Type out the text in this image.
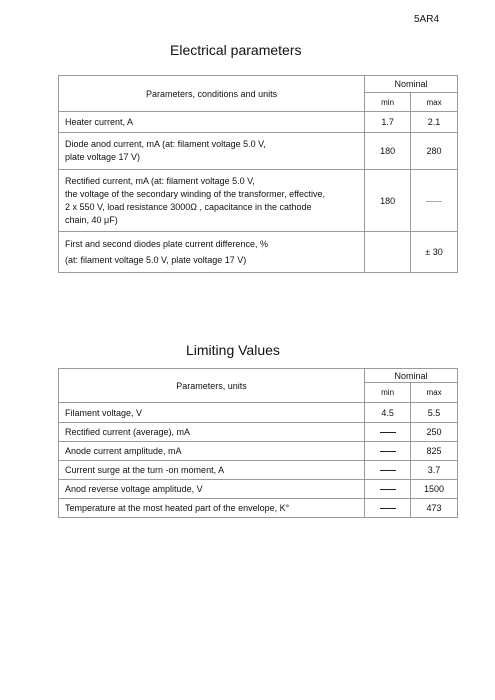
5AR4
Electrical parameters
Parameters, conditions and units	Nominal	
	min	max
Heater current, A	1.7	2.1
Diode anod current, mA (at: filament voltage 5.0 V,
plate voltage 17 V)	180	280
Rectified current, mA (at: filament voltage 5.0 V,
the voltage of the secondary winding of the transformer, effective,
2 x 550 V, load resistance 3000Ω , capacitance in the cathode
chain, 40 μF)	180	
First and second diodes plate current difference, %
(at: filament voltage 5.0 V, plate voltage 17 V)		± 30
Limiting Values
Parameters, units	Nominal	
	min	max
Filament voltage, V	4.5	5.5
Rectified current (average), mA		250
Anode current amplitude, mA		825
Current surge at the turn -on moment, A		3.7
Anod reverse voltage amplitude, V		1500
Temperature at the most heated part of the envelope, K°		473
